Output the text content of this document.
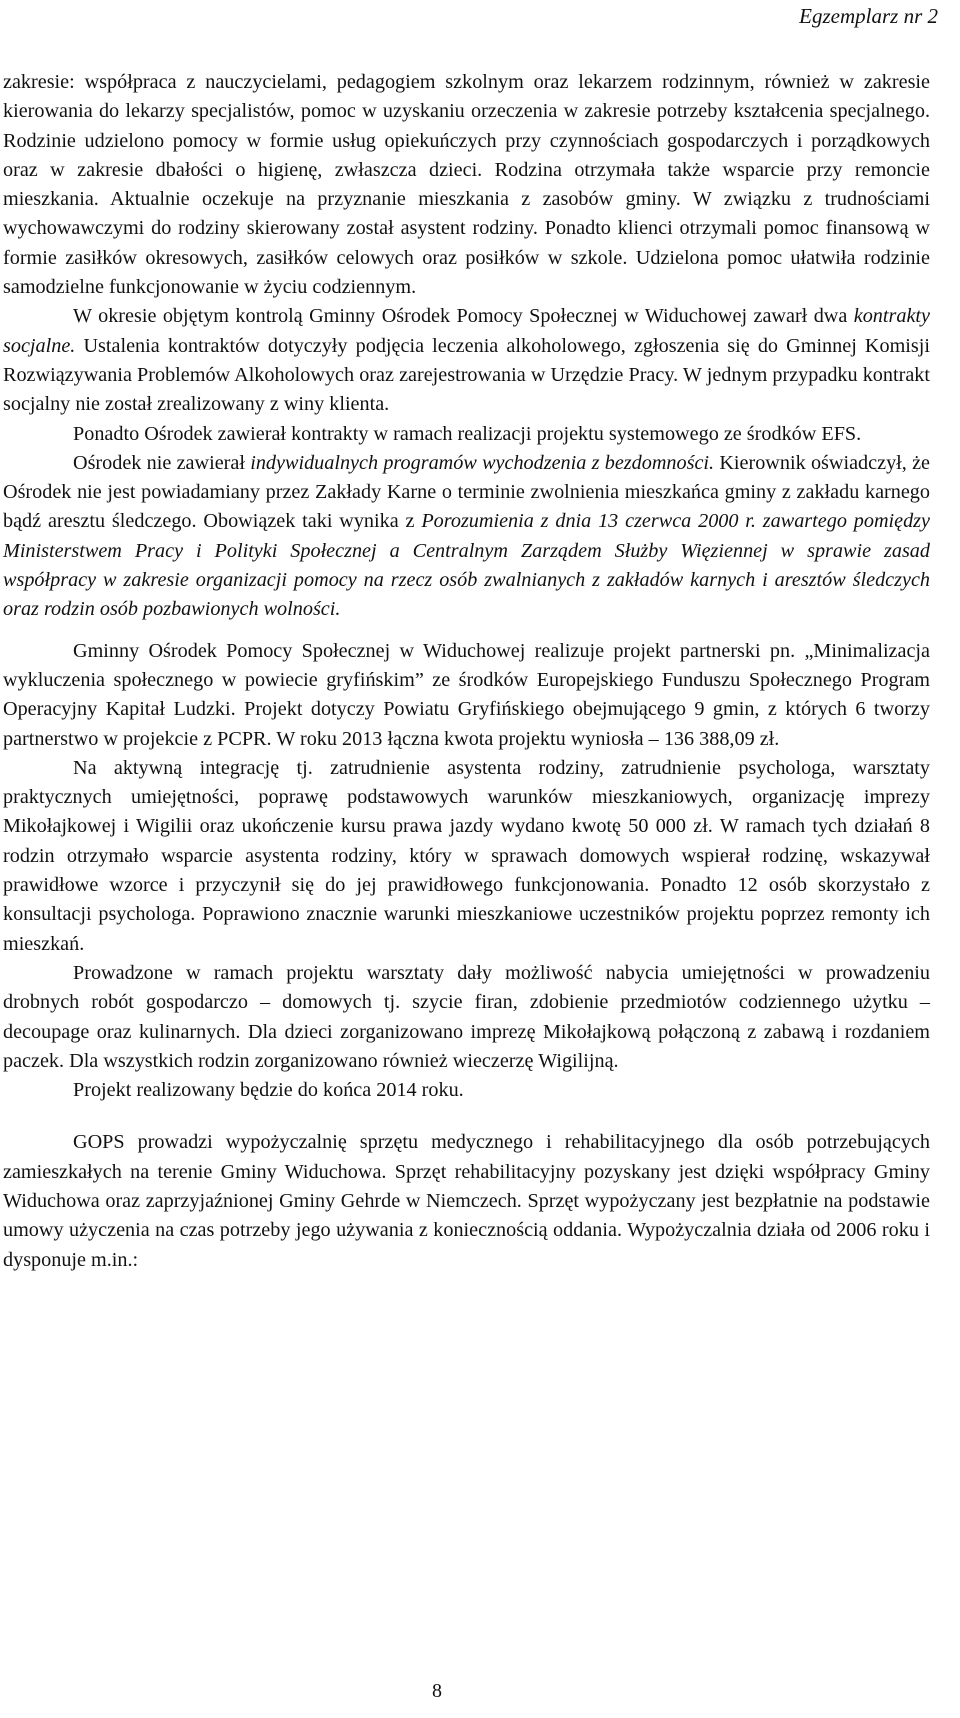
Egzemplarz nr 2

zakresie: współpraca z nauczycielami, pedagogiem szkolnym oraz lekarzem rodzinnym, również w zakresie kierowania do lekarzy specjalistów, pomoc w uzyskaniu orzeczenia w zakresie potrzeby kształcenia specjalnego. Rodzinie udzielono pomocy w formie usług opiekuńczych przy czynnościach gospodarczych i porządkowych oraz w zakresie dbałości o higienę, zwłaszcza dzieci. Rodzina otrzymała także wsparcie przy remoncie mieszkania. Aktualnie oczekuje na przyznanie mieszkania z zasobów gminy. W związku z trudnościami wychowawczymi do rodziny skierowany został asystent rodziny. Ponadto klienci otrzymali pomoc finansową w formie zasiłków okresowych, zasiłków celowych oraz posiłków w szkole. Udzielona pomoc ułatwiła rodzinie samodzielne funkcjonowanie w życiu codziennym.

W okresie objętym kontrolą Gminny Ośrodek Pomocy Społecznej w Widuchowej zawarł dwa kontrakty socjalne. Ustalenia kontraktów dotyczyły podjęcia leczenia alkoholowego, zgłoszenia się do Gminnej Komisji Rozwiązywania Problemów Alkoholowych oraz zarejestrowania w Urzędzie Pracy. W jednym przypadku kontrakt socjalny nie został zrealizowany z winy klienta.

Ponadto Ośrodek zawierał kontrakty w ramach realizacji projektu systemowego ze środków EFS.

Ośrodek nie zawierał indywidualnych programów wychodzenia z bezdomności. Kierownik oświadczył, że Ośrodek nie jest powiadamiany przez Zakłady Karne o terminie zwolnienia mieszkańca gminy z zakładu karnego bądź aresztu śledczego. Obowiązek taki wynika z Porozumienia z dnia 13 czerwca 2000 r. zawartego pomiędzy Ministerstwem Pracy i Polityki Społecznej a Centralnym Zarządem Służby Więziennej w sprawie zasad współpracy w zakresie organizacji pomocy na rzecz osób zwalnianych z zakładów karnych i aresztów śledczych oraz rodzin osób pozbawionych wolności.

Gminny Ośrodek Pomocy Społecznej w Widuchowej realizuje projekt partnerski pn. „Minimalizacja wykluczenia społecznego w powiecie gryfińskim” ze środków Europejskiego Funduszu Społecznego Program Operacyjny Kapitał Ludzki. Projekt dotyczy Powiatu Gryfińskiego obejmującego 9 gmin, z których 6 tworzy partnerstwo w projekcie z PCPR. W roku 2013 łączna kwota projektu wyniosła – 136 388,09 zł.

Na aktywną integrację tj. zatrudnienie asystenta rodziny, zatrudnienie psychologa, warsztaty praktycznych umiejętności, poprawę podstawowych warunków mieszkaniowych, organizację imprezy Mikołajkowej i Wigilii oraz ukończenie kursu prawa jazdy wydano kwotę 50 000 zł. W ramach tych działań 8 rodzin otrzymało wsparcie asystenta rodziny, który w sprawach domowych wspierał rodzinę, wskazywał prawidłowe wzorce i przyczynił się do jej prawidłowego funkcjonowania. Ponadto 12 osób skorzystało z konsultacji psychologa. Poprawiono znacznie warunki mieszkaniowe uczestników projektu poprzez remonty ich mieszkań.

Prowadzone w ramach projektu warsztaty dały możliwość nabycia umiejętności w prowadzeniu drobnych robót gospodarczo – domowych tj. szycie firan, zdobienie przedmiotów codziennego użytku – decoupage oraz kulinarnych. Dla dzieci zorganizowano imprezę Mikołajkową połączoną z zabawą i rozdaniem paczek. Dla wszystkich rodzin zorganizowano również wieczerzę Wigilijną.

Projekt realizowany będzie do końca 2014 roku.

GOPS prowadzi wypożyczalnię sprzętu medycznego i rehabilitacyjnego dla osób potrzebujących zamieszkałych na terenie Gminy Widuchowa. Sprzęt rehabilitacyjny pozyskany jest dzięki współpracy Gminy Widuchowa oraz zaprzyjaźnionej Gminy Gehrde w Niemczech. Sprzęt wypożyczany jest bezpłatnie na podstawie umowy użyczenia na czas potrzeby jego używania z koniecznością oddania. Wypożyczalnia działa od 2006 roku i dysponuje m.in.:

8
